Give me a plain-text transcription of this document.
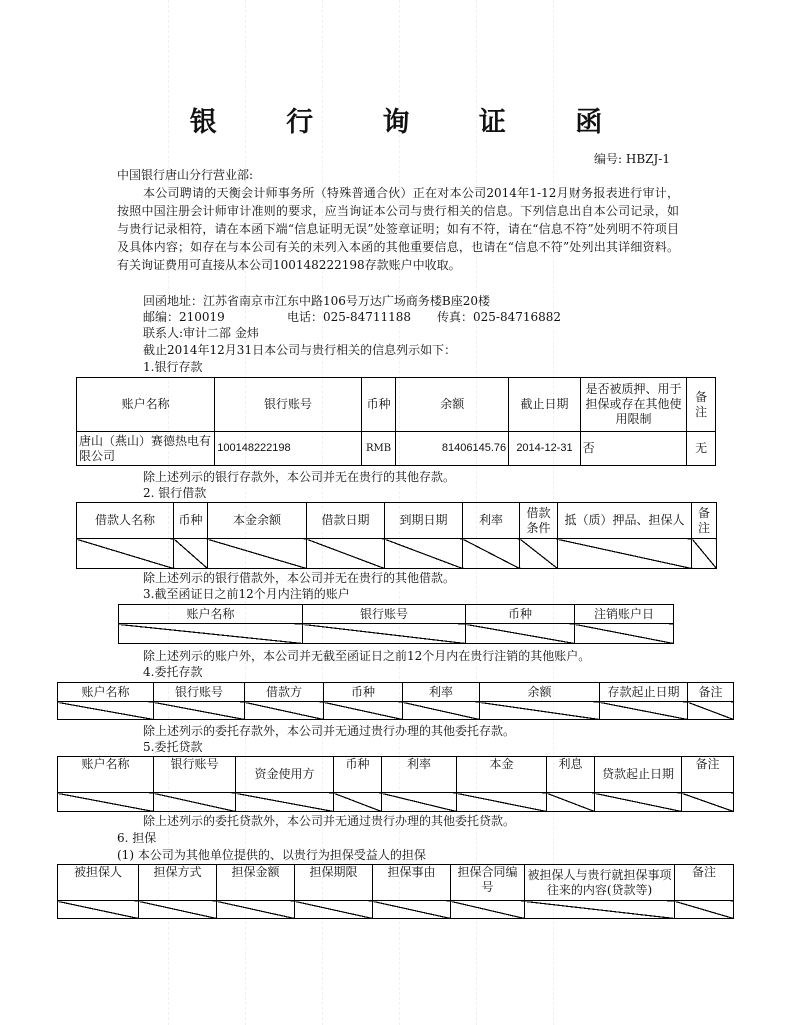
银 行 询 证 函
编号: HBZJ-1
中国银行唐山分行营业部:
本公司聘请的天衡会计师事务所（特殊普通合伙）正在对本公司2014年1-12月财务报表进行审计，按照中国注册会计师审计准则的要求，应当询证本公司与贵行相关的信息。下列信息出自本公司记录，如与贵行记录相符，请在本函下端“信息证明无误”处签章证明；如有不符，请在“信息不符”处列明不符项目及具体内容；如存在与本公司有关的未列入本函的其他重要信息，也请在“信息不符”处列出其详细资料。有关询证费用可直接从本公司100148222198存款账户中收取。
回函地址：江苏省南京市江东中路106号万达广场商务楼B座20楼
邮编：210019	电话：025-84711188 传真：025-84716882
联系人:审计二部 金炜
截止2014年12月31日本公司与贵行相关的信息列示如下：
1.银行存款
账户名称	银行账号	币种	余额	截止日期	是否被质押、用于担保或存在其他使用限制	备注
唐山（燕山）赛德热电有限公司	100148222198	RMB	81406145.76	2014-12-31	否	无
除上述列示的银行存款外，本公司并无在贵行的其他存款。
2. 银行借款
借款人名称	币种	本金余额	借款日期	到期日期	利率	借款条件	抵（质）押品、担保人	备注

除上述列示的银行借款外，本公司并无在贵行的其他借款。
3.截至函证日之前12个月内注销的账户
账户名称	银行账号	币种	注销账户日

除上述列示的账户外，本公司并无截至函证日之前12个月内在贵行注销的其他账户。
4.委托存款
账户名称	银行账号	借款方	币种	利率	余额	存款起止日期	备注

除上述列示的委托存款外，本公司并无通过贵行办理的其他委托存款。
5.委托贷款
账户名称	银行账号	资金使用方	币种	利率	本金	利息	贷款起止日期	备注

除上述列示的委托贷款外，本公司并无通过贵行办理的其他委托贷款。
6. 担保
(1) 本公司为其他单位提供的、以贵行为担保受益人的担保
被担保人	担保方式	担保金额	担保期限	担保事由	担保合同编号	被担保人与贵行就担保事项往来的内容(贷款等)	备注
